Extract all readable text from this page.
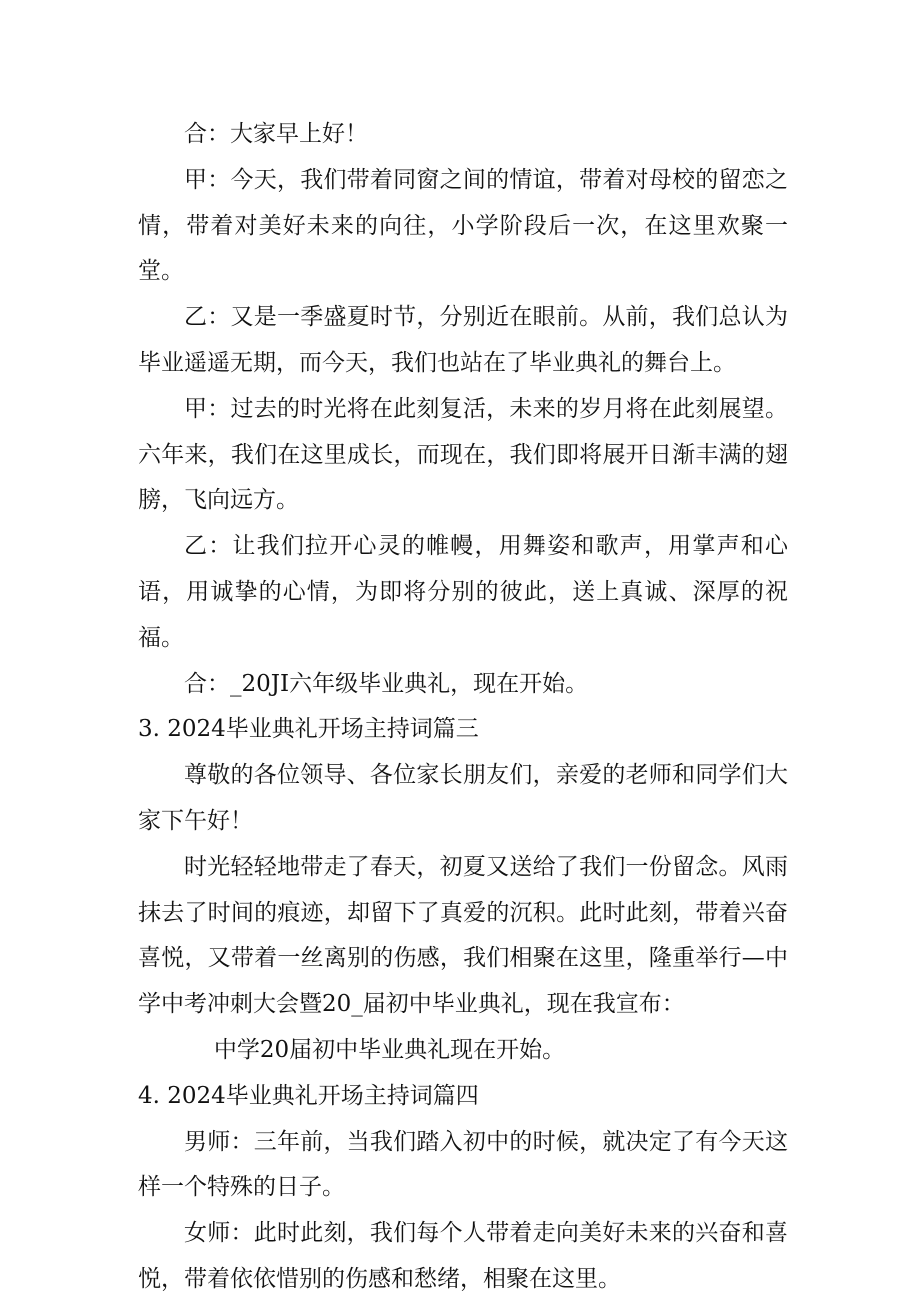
合：大家早上好！

甲：今天，我们带着同窗之间的情谊，带着对母校的留恋之情，带着对美好未来的向往，小学阶段后一次，在这里欢聚一堂。

乙：又是一季盛夏时节，分别近在眼前。从前，我们总认为毕业遥遥无期，而今天，我们也站在了毕业典礼的舞台上。

甲：过去的时光将在此刻复活，未来的岁月将在此刻展望。六年来，我们在这里成长，而现在，我们即将展开日渐丰满的翅膀，飞向远方。

乙：让我们拉开心灵的帷幔，用舞姿和歌声，用掌声和心语，用诚挚的心情，为即将分别的彼此，送上真诚、深厚的祝福。

合：_20JI六年级毕业典礼，现在开始。

3. 2024毕业典礼开场主持词篇三

尊敬的各位领导、各位家长朋友们，亲爱的老师和同学们大家下午好！

时光轻轻地带走了春天，初夏又送给了我们一份留念。风雨抹去了时间的痕迹，却留下了真爱的沉积。此时此刻，带着兴奋喜悦，又带着一丝离别的伤感，我们相聚在这里，隆重举行—中学中考冲刺大会暨20_届初中毕业典礼，现在我宣布：

中学20届初中毕业典礼现在开始。

4. 2024毕业典礼开场主持词篇四

男师：三年前，当我们踏入初中的时候，就决定了有今天这样一个特殊的日子。

女师：此时此刻，我们每个人带着走向美好未来的兴奋和喜悦，带着依依惜别的伤感和愁绪，相聚在这里。
